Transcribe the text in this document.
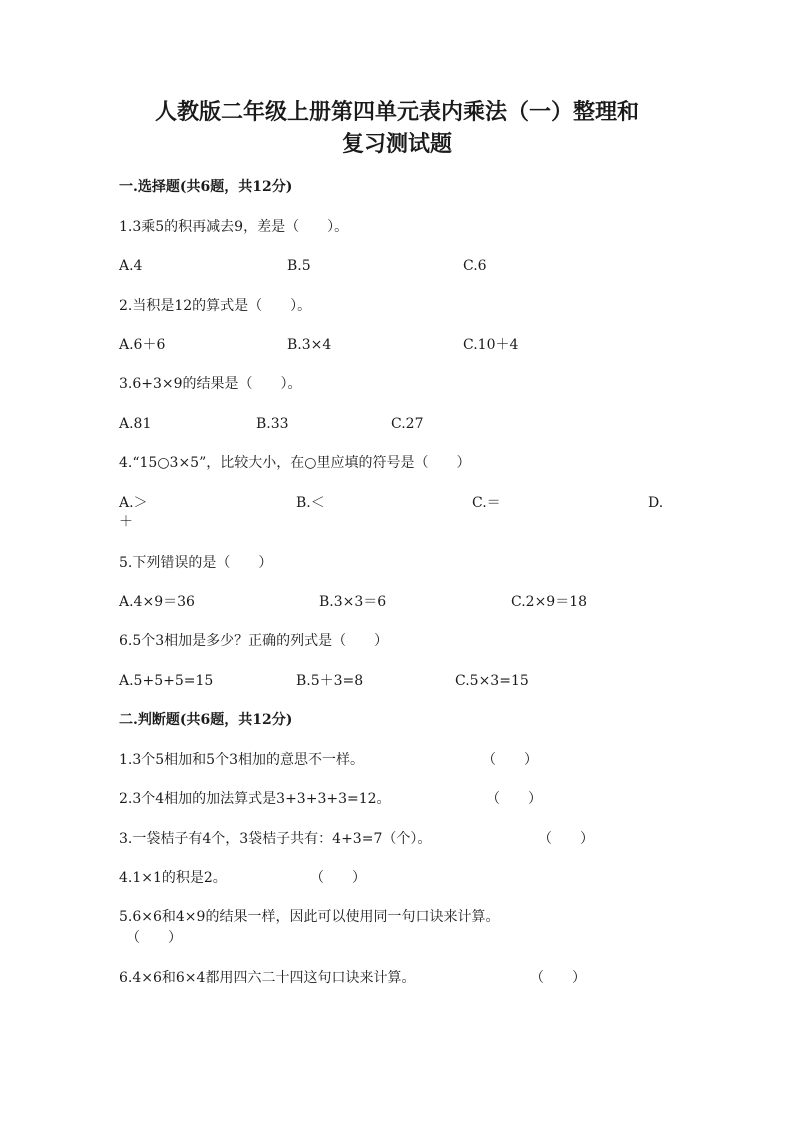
人教版二年级上册第四单元表内乘法（一）整理和
复习测试题

一.选择题(共6题，共12分)

1.3乘5的积再减去9，差是（　　）。

A.4	B.5	C.6

2.当积是12的算式是（　　）。

A.6＋6	B.3×4	C.10＋4

3.6+3×9的结果是（　　）。

A.81	B.33	C.27

4.“15○3×5”，比较大小，在○里应填的符号是（　　）

A.＞	B.＜	C.＝	D.
＋

5.下列错误的是（　　）

A.4×9＝36	B.3×3＝6	C.2×9＝18

6.5个3相加是多少？正确的列式是（　　）

A.5+5+5=15	B.5＋3=8	C.5×3=15

二.判断题(共6题，共12分)

1.3个5相加和5个3相加的意思不一样。	（　　）

2.3个4相加的加法算式是3+3+3+3=12。	（　　）

3.一袋桔子有4个，3袋桔子共有：4+3=7（个）。	（　　）

4.1×1的积是2。	（　　）

5.6×6和4×9的结果一样，因此可以使用同一句口诀来计算。

（　　）

6.4×6和6×4都用四六二十四这句口诀来计算。	（　　）
